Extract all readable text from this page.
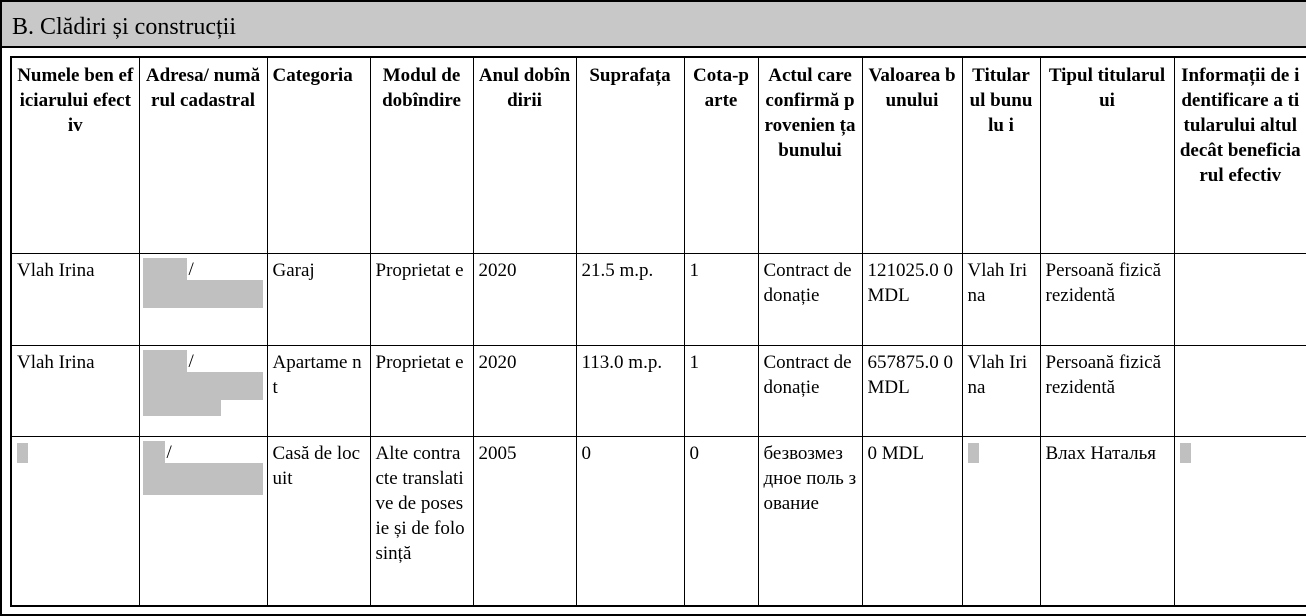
B. Clădiri și construcții
Numele ben eficiarului efectiv	Adresa/ numărul cadastral	Categoria	Modul de dobîndire	Anul dobîndirii	Suprafața	Cota-parte	Actul care confirmă provenien ța bunului	Valoarea bunului	Titular ul bunulu i	Tipul titularului	Informații de identificare a titularului altul decât beneficiarul efectiv
Vlah Irina	/	Garaj	Proprietat e	2020	21.5 m.p.	1	Contract de donație	121025.0 0 MDL	Vlah Irina	Persoană fizică rezidentă	
Vlah Irina	/	Apartame nt	Proprietat e	2020	113.0 m.p.	1	Contract de donație	657875.0 0 MDL	Vlah Irina	Persoană fizică rezidentă	

	/	Casă de locuit	Alte contracte translative de posesie și de folosință	2005	0	0	безвозмез дное поль зование	0 MDL		Влах Наталья	
